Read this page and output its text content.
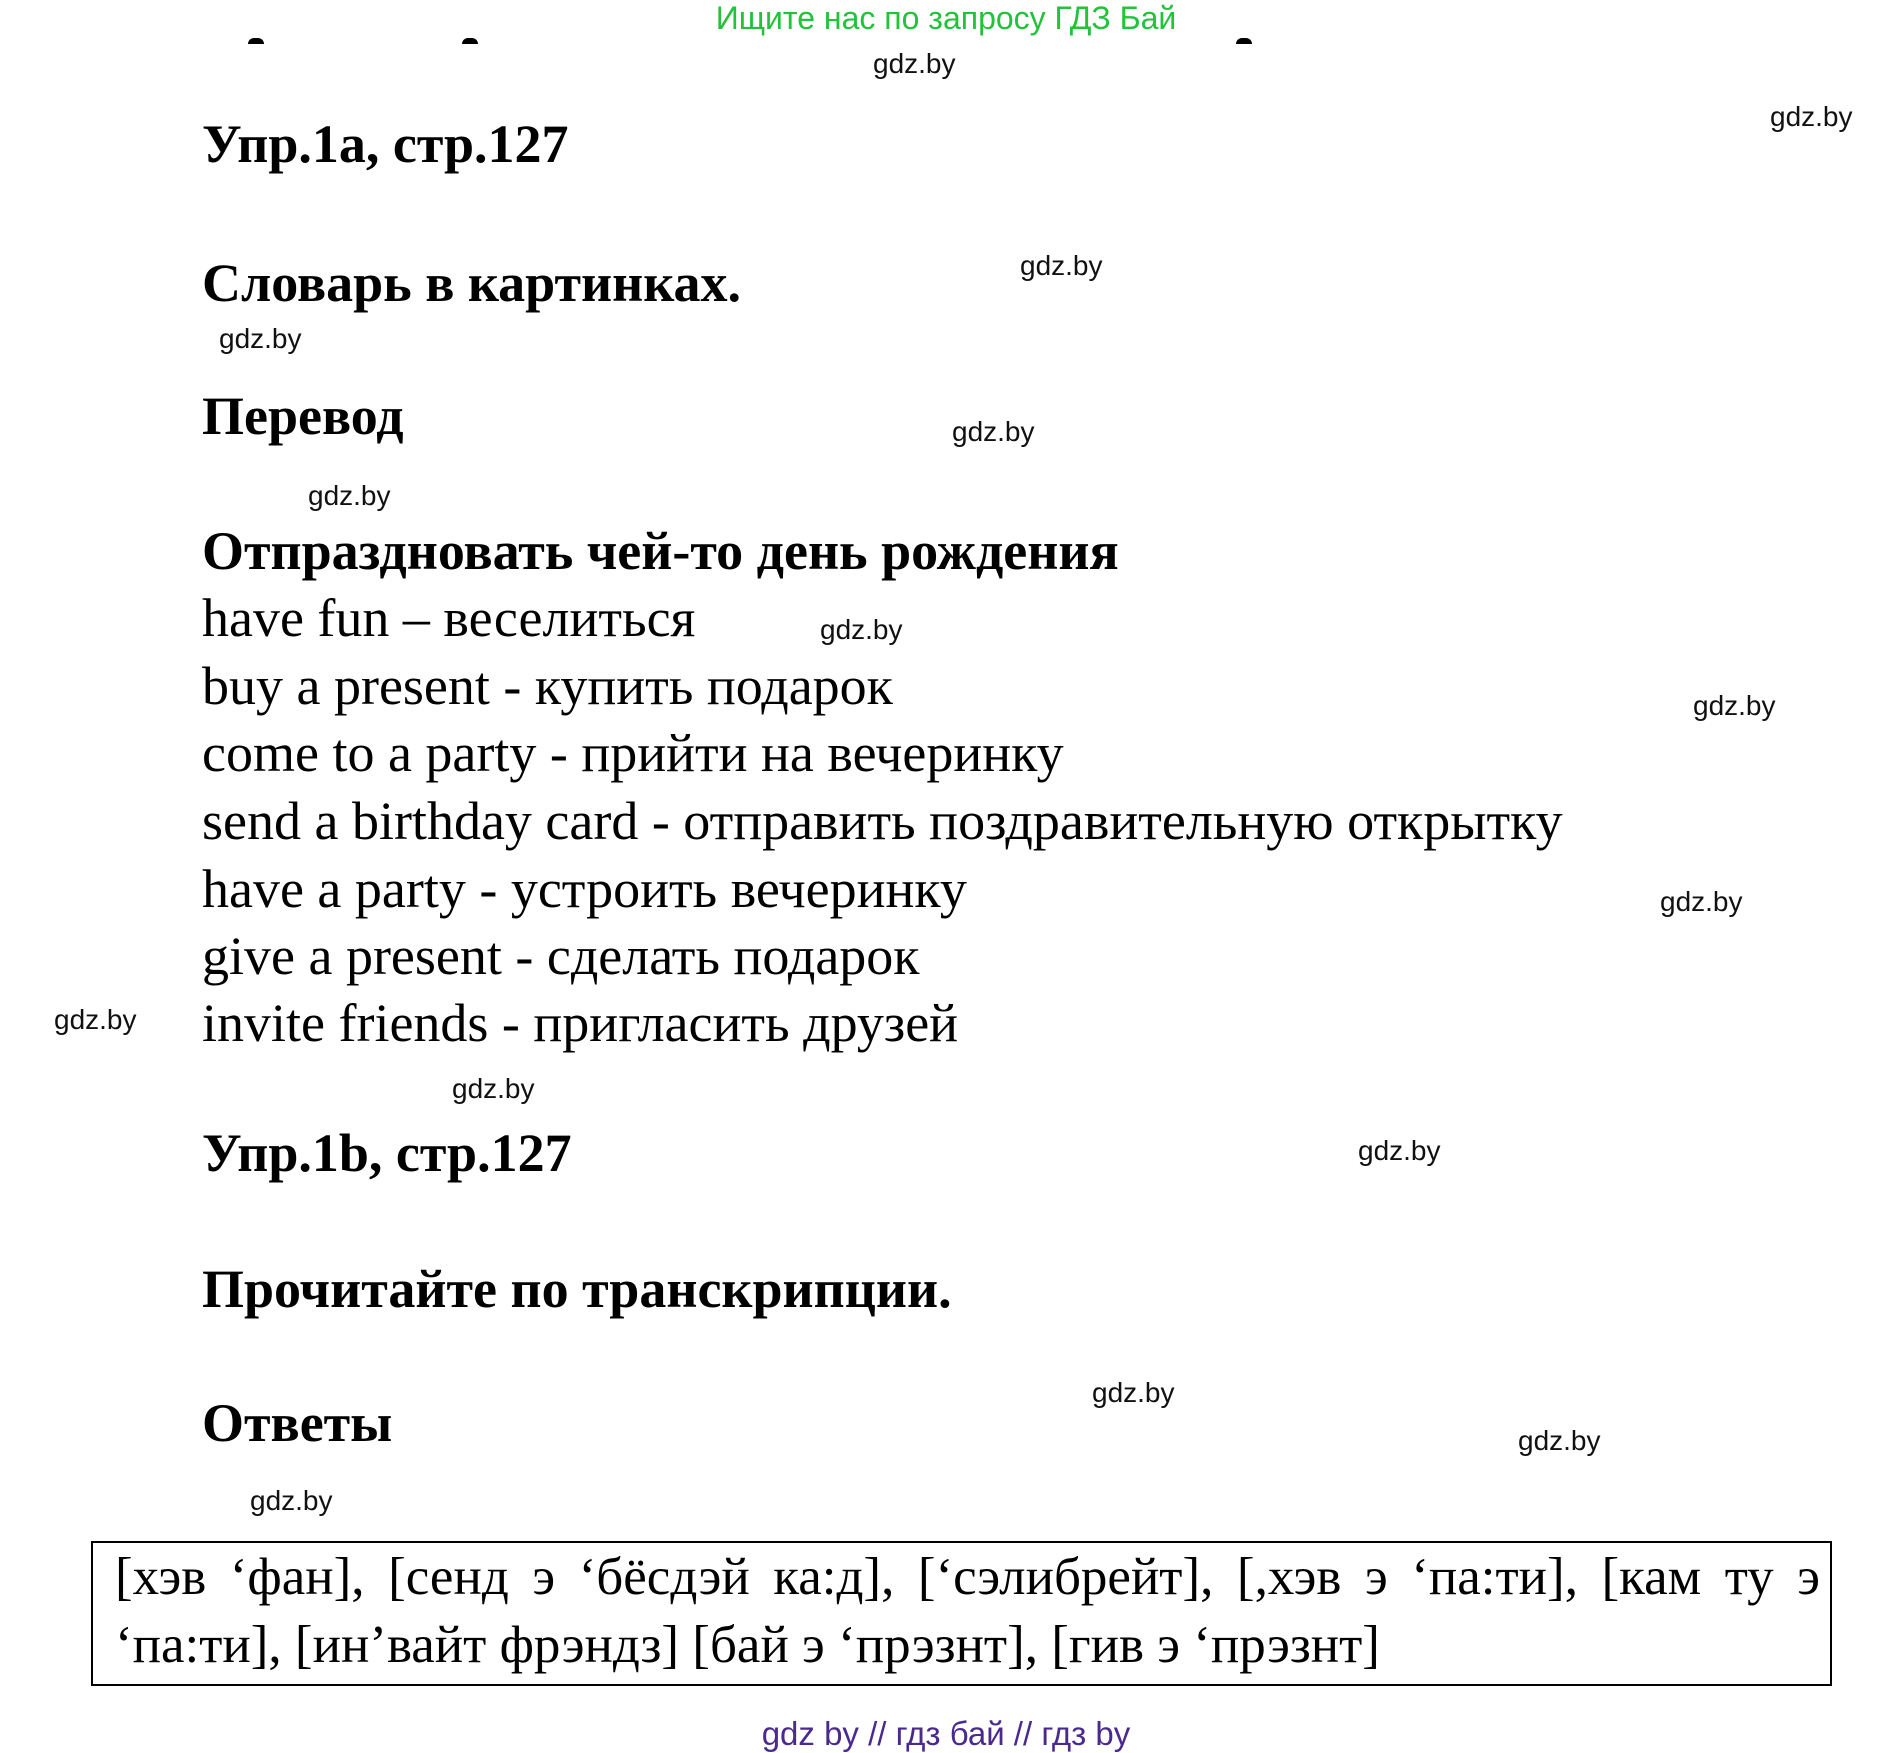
Ищите нас по запросу ГДЗ Бай
gdz.by
gdz.by
gdz.by
gdz.by
gdz.by
gdz.by
gdz.by
gdz.by
gdz.by
gdz.by
gdz.by
gdz.by
gdz.by
gdz.by
gdz.by
Упр.1а, стр.127
Словарь в картинках.
Перевод
Отпраздновать чей-то день рождения
have fun – веселиться
buy a present - купить подарок
come to a party - прийти на вечеринку
send a birthday card - отправить поздравительную открытку
have a party - устроить вечеринку
give a present - сделать подарок
invite friends - пригласить друзей
Упр.1b, стр.127
Прочитайте по транскрипции.
Ответы
[хэв ‘фан], [сенд э ‘бёсдэй ка:д], [‘сэлибрейт], [,хэв э ‘па:ти], [кам ту э ‘па:ти], [ин’вайт фрэндз] [бай э ‘прэзнт], [гив э ‘прэзнт]
gdz by // гдз бай // гдз by
